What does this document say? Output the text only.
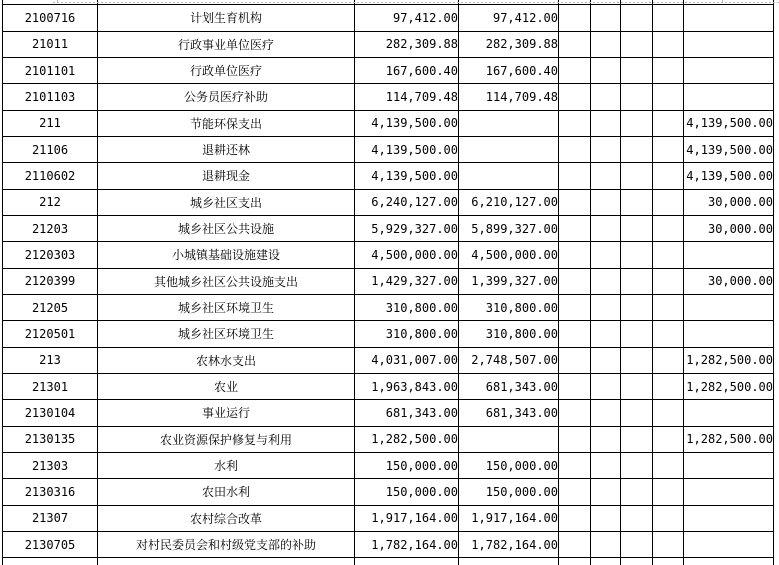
2100716	计划生育机构	97,412.00	97,412.00					
21011	行政事业单位医疗	282,309.88	282,309.88					
2101101	行政单位医疗	167,600.40	167,600.40					
2101103	公务员医疗补助	114,709.48	114,709.48					
211	节能环保支出	4,139,500.00						4,139,500.00
21106	退耕还林	4,139,500.00						4,139,500.00
2110602	退耕现金	4,139,500.00						4,139,500.00
212	城乡社区支出	6,240,127.00	6,210,127.00					30,000.00
21203	城乡社区公共设施	5,929,327.00	5,899,327.00					30,000.00
2120303	小城镇基础设施建设	4,500,000.00	4,500,000.00					
2120399	其他城乡社区公共设施支出	1,429,327.00	1,399,327.00					30,000.00
21205	城乡社区环境卫生	310,800.00	310,800.00					
2120501	城乡社区环境卫生	310,800.00	310,800.00					
213	农林水支出	4,031,007.00	2,748,507.00					1,282,500.00
21301	农业	1,963,843.00	681,343.00					1,282,500.00
2130104	事业运行	681,343.00	681,343.00					
2130135	农业资源保护修复与利用	1,282,500.00						1,282,500.00
21303	水利	150,000.00	150,000.00					
2130316	农田水利	150,000.00	150,000.00					
21307	农村综合改革	1,917,164.00	1,917,164.00					
2130705	对村民委员会和村级党支部的补助	1,782,164.00	1,782,164.00					
